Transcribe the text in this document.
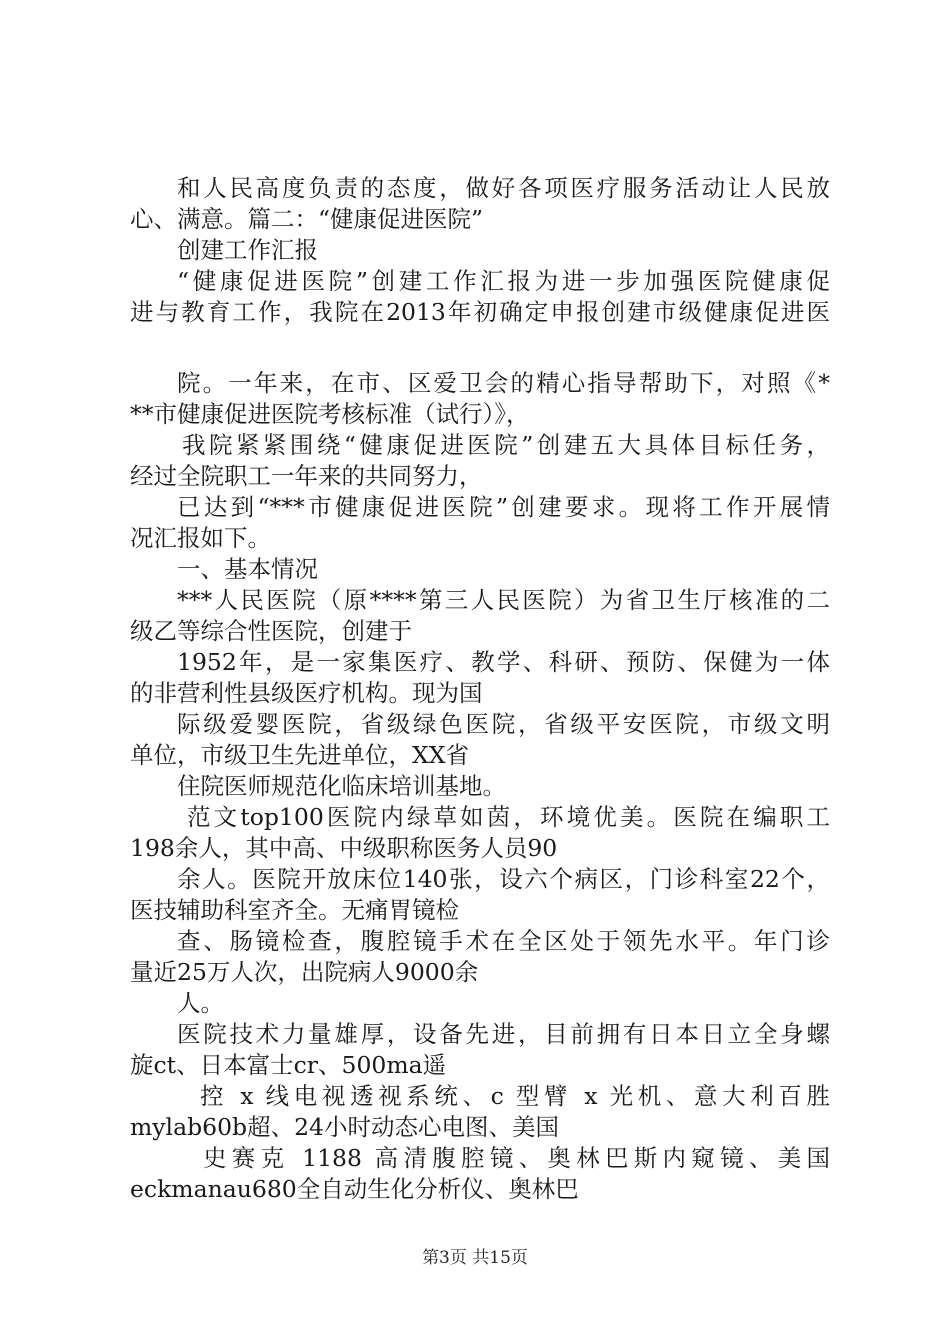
和人民高度负责的态度，做好各项医疗服务活动让人民放
心、满意。篇二：“健康促进医院”
创建工作汇报
“健康促进医院”创建工作汇报为进一步加强医院健康促
进与教育工作，我院在2013年初确定申报创建市级健康促进医
院。一年来，在市、区爱卫会的精心指导帮助下，对照《*
**市健康促进医院考核标准（试行）》，
我院紧紧围绕“健康促进医院”创建五大具体目标任务，
经过全院职工一年来的共同努力，
已达到“***市健康促进医院”创建要求。现将工作开展情
况汇报如下。
一、基本情况
***人民医院（原****第三人民医院）为省卫生厅核准的二
级乙等综合性医院，创建于
1952年，是一家集医疗、教学、科研、预防、保健为一体
的非营利性县级医疗机构。现为国
际级爱婴医院，省级绿色医院，省级平安医院，市级文明
单位，市级卫生先进单位，XX省
住院医师规范化临床培训基地。
范文top100医院内绿草如茵，环境优美。医院在编职工
198余人，其中高、中级职称医务人员90
余人。医院开放床位140张，设六个病区，门诊科室22个，
医技辅助科室齐全。无痛胃镜检
查、肠镜检查，腹腔镜手术在全区处于领先水平。年门诊
量近25万人次，出院病人9000余
人。
医院技术力量雄厚，设备先进，目前拥有日本日立全身螺
旋ct、日本富士cr、500ma遥
控 x 线电视透视系统、c 型臂 x 光机、意大利百胜
mylab60b超、24小时动态心电图、美国
史赛克 1188 高清腹腔镜、奥林巴斯内窥镜、美国
eckmanau680全自动生化分析仪、奥林巴
第3页 共15页
